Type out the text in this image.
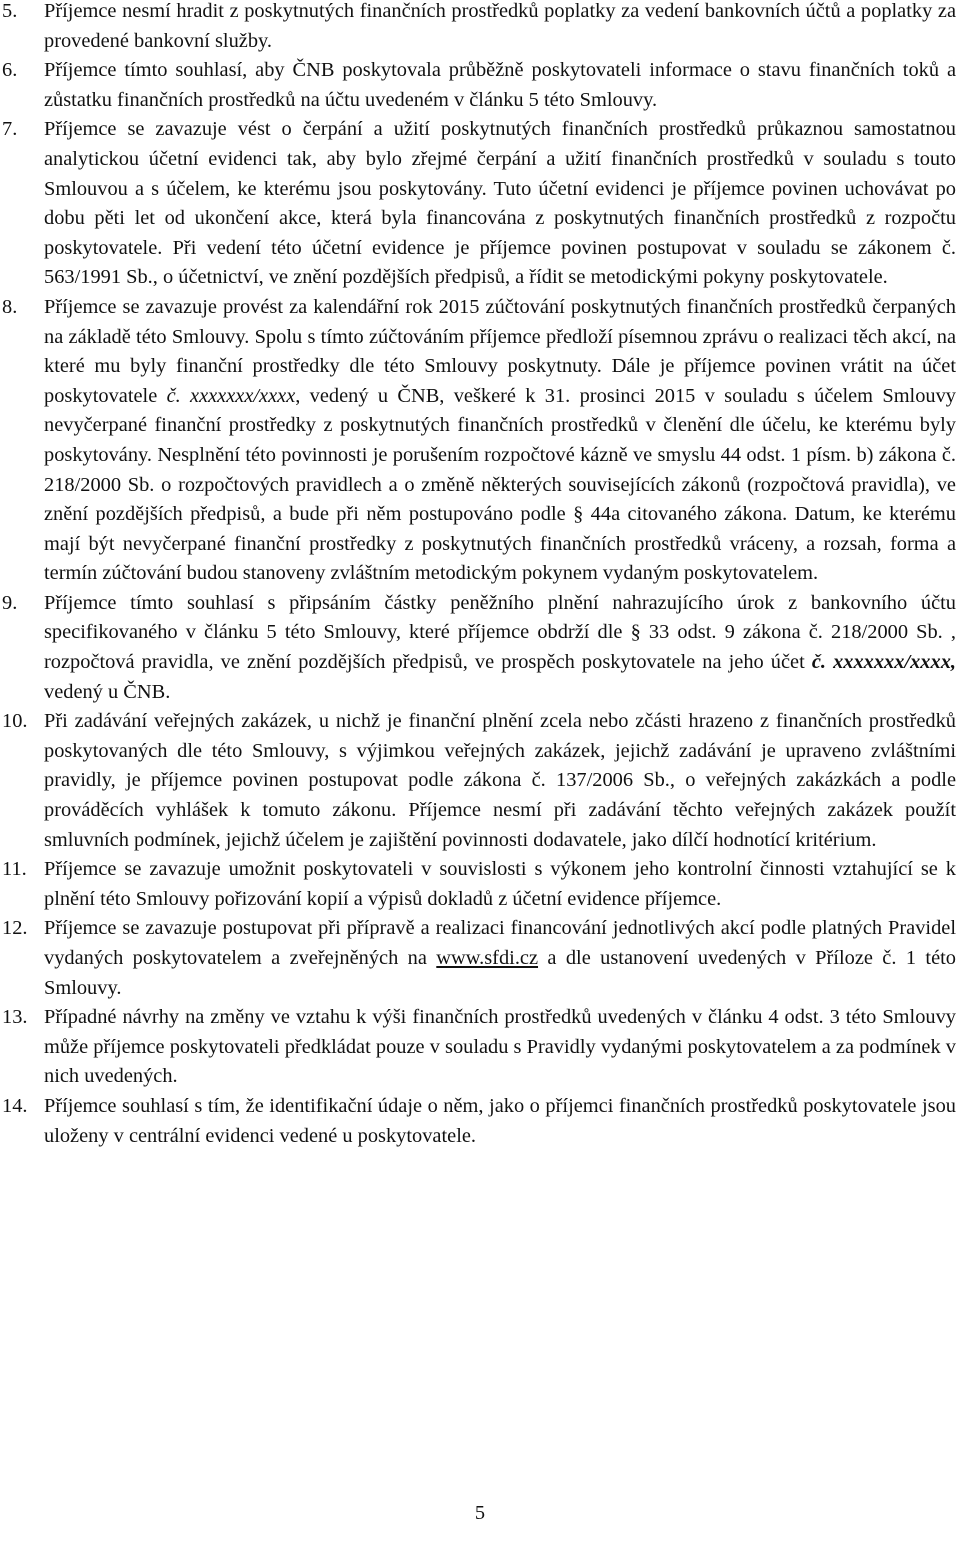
5. Příjemce nesmí hradit z poskytnutých finančních prostředků poplatky za vedení bankovních účtů a poplatky za provedené bankovní služby.
6. Příjemce tímto souhlasí, aby ČNB poskytovala průběžně poskytovateli informace o stavu finančních toků a zůstatku finančních prostředků na účtu uvedeném v článku 5 této Smlouvy.
7. Příjemce se zavazuje vést o čerpání a užití poskytnutých finančních prostředků průkaznou samostatnou analytickou účetní evidenci tak, aby bylo zřejmé čerpání a užití finančních prostředků v souladu s touto Smlouvou a s účelem, ke kterému jsou poskytovány. Tuto účetní evidenci je příjemce povinen uchovávat po dobu pěti let od ukončení akce, která byla financována z poskytnutých finančních prostředků z rozpočtu poskytovatele. Při vedení této účetní evidence je příjemce povinen postupovat v souladu se zákonem č. 563/1991 Sb., o účetnictví, ve znění pozdějších předpisů, a řídit se metodickými pokyny poskytovatele.
8. Příjemce se zavazuje provést za kalendářní rok 2015 zúčtování poskytnutých finančních prostředků čerpaných na základě této Smlouvy. Spolu s tímto zúčtováním příjemce předloží písemnou zprávu o realizaci těch akcí, na které mu byly finanční prostředky dle této Smlouvy poskytnuty. Dále je příjemce povinen vrátit na účet poskytovatele č. xxxxxxx/xxxx, vedený u ČNB, veškeré k 31. prosinci 2015 v souladu s účelem Smlouvy nevyčerpané finanční prostředky z poskytnutých finančních prostředků v členění dle účelu, ke kterému byly poskytovány. Nesplnění této povinnosti je porušením rozpočtové kázně ve smyslu 44 odst. 1 písm. b) zákona č. 218/2000 Sb. o rozpočtových pravidlech a o změně některých souvisejících zákonů (rozpočtová pravidla), ve znění pozdějších předpisů, a bude při něm postupováno podle § 44a citovaného zákona. Datum, ke kterému mají být nevyčerpané finanční prostředky z poskytnutých finančních prostředků vráceny, a rozsah, forma a termín zúčtování budou stanoveny zvláštním metodickým pokynem vydaným poskytovatelem.
9. Příjemce tímto souhlasí s připsáním částky peněžního plnění nahrazujícího úrok z bankovního účtu specifikovaného v článku 5 této Smlouvy, které příjemce obdrží dle § 33 odst. 9 zákona č. 218/2000 Sb. , rozpočtová pravidla, ve znění pozdějších předpisů, ve prospěch poskytovatele na jeho účet č. xxxxxxx/xxxx, vedený u ČNB.
10. Při zadávání veřejných zakázek, u nichž je finanční plnění zcela nebo zčásti hrazeno z finančních prostředků poskytovaných dle této Smlouvy, s výjimkou veřejných zakázek, jejichž zadávání je upraveno zvláštními pravidly, je příjemce povinen postupovat podle zákona č. 137/2006 Sb., o veřejných zakázkách a podle prováděcích vyhlášek k tomuto zákonu. Příjemce nesmí při zadávání těchto veřejných zakázek použít smluvních podmínek, jejichž účelem je zajištění povinnosti dodavatele, jako dílčí hodnotící kritérium.
11. Příjemce se zavazuje umožnit poskytovateli v souvislosti s výkonem jeho kontrolní činnosti vztahující se k plnění této Smlouvy pořizování kopií a výpisů dokladů z účetní evidence příjemce.
12. Příjemce se zavazuje postupovat při přípravě a realizaci financování jednotlivých akcí podle platných Pravidel vydaných poskytovatelem a zveřejněných na www.sfdi.cz a dle ustanovení uvedených v Příloze č. 1 této Smlouvy.
13. Případné návrhy na změny ve vztahu k výši finančních prostředků uvedených v článku 4 odst. 3 této Smlouvy může příjemce poskytovateli předkládat pouze v souladu s Pravidly vydanými poskytovatelem a za podmínek v nich uvedených.
14. Příjemce souhlasí s tím, že identifikační údaje o něm, jako o příjemci finančních prostředků poskytovatele jsou uloženy v centrální evidenci vedené u poskytovatele.
5
